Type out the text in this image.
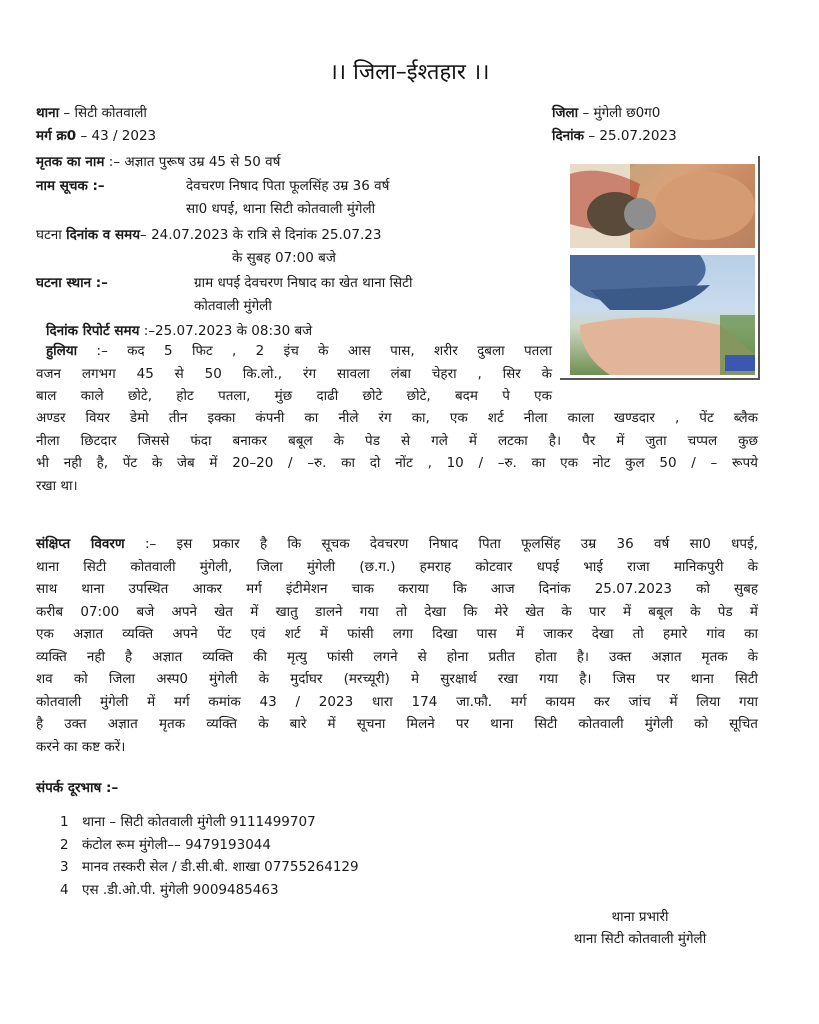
।। जिला–ईश्तहार ।।
थाना – सिटी कोतवाली
मर्ग क्र0 – 43 / 2023
जिला – मुंगेली छ0ग0
दिनांक – 25.07.2023
मृतक का नाम :– अज्ञात पुरूष उम्र 45 से 50 वर्ष
नाम सूचक :–	देवचरण निषाद पिता फूलसिंह उम्र 36 वर्ष
सा0 धपई, थाना सिटी कोतवाली मुंगेली
घटना दिनांक व समय– 24.07.2023 के रात्रि से दिनांक 25.07.23
के सुबह 07:00 बजे
घटना स्थान :–	ग्राम धपई देवचरण निषाद का खेत थाना सिटी
कोतवाली मुंगेली
दिनांक रिपोर्ट समय :–25.07.2023 के 08:30 बजे
हुलिया :– कद 5 फिट , 2 इंच के आस पास, शरीर दुबला पतला
वजन लगभग 45 से 50 कि.लो., रंग सावला लंबा चेहरा , सिर के
बाल काले छोटे, होट पतला, मुंछ दाढी छोटे छोटे, बदम पे एक
अण्डर वियर डेमो तीन इक्का कंपनी का नीले रंग का, एक शर्ट नीला काला खण्डदार , पेंट ब्लैक
नीला छिटदार जिससे फंदा बनाकर बबूल के पेड से गले में लटका है। पैर में जुता चप्पल कुछ
भी नही है, पेंट के जेब में 20–20 / –रु. का दो नोंट , 10 / –रु. का एक नोट कुल 50 / – रूपये
रखा था।
संक्षिप्त विवरण :– इस प्रकार है कि सूचक देवचरण निषाद पिता फूलसिंह उम्र 36 वर्ष सा0 धपई,
थाना सिटी कोतवाली मुंगेली, जिला मुंगेली (छ.ग.) हमराह कोटवार धपई भाई राजा मानिकपुरी के
साथ थाना उपस्थित आकर मर्ग इंटीमेशन चाक कराया कि आज दिनांक 25.07.2023 को सुबह
करीब 07:00 बजे अपने खेत में खातु डालने गया तो देखा कि मेरे खेत के पार में बबूल के पेड में
एक अज्ञात व्यक्ति अपने पेंट एवं शर्ट में फांसी लगा दिखा पास में जाकर देखा तो हमारे गांव का
व्यक्ति नही है अज्ञात व्यक्ति की मृत्यु फांसी लगने से होना प्रतीत होता है। उक्त अज्ञात मृतक के
शव को जिला अस्प0 मुंगेली के मुर्दाघर (मरच्यूरी) मे सुरक्षार्थ रखा गया है। जिस पर थाना सिटी
कोतवाली मुंगेली में मर्ग कमांक 43 / 2023 धारा 174 जा.फौ. मर्ग कायम कर जांच में लिया गया
है उक्त अज्ञात मृतक व्यक्ति के बारे में सूचना मिलने पर थाना सिटी कोतवाली मुंगेली को सूचित
करने का कष्ट करें।
संपर्क दूरभाष :–
1 थाना – सिटी कोतवाली मुंगेली 9111499707
2 कंटोल रूम मुंगेली–– 9479193044
3 मानव तस्करी सेल / डी.सी.बी. शाखा 07755264129
4 एस .डी.ओ.पी. मुंगेली 9009485463
थाना प्रभारी
थाना सिटी कोतवाली मुंगेली
